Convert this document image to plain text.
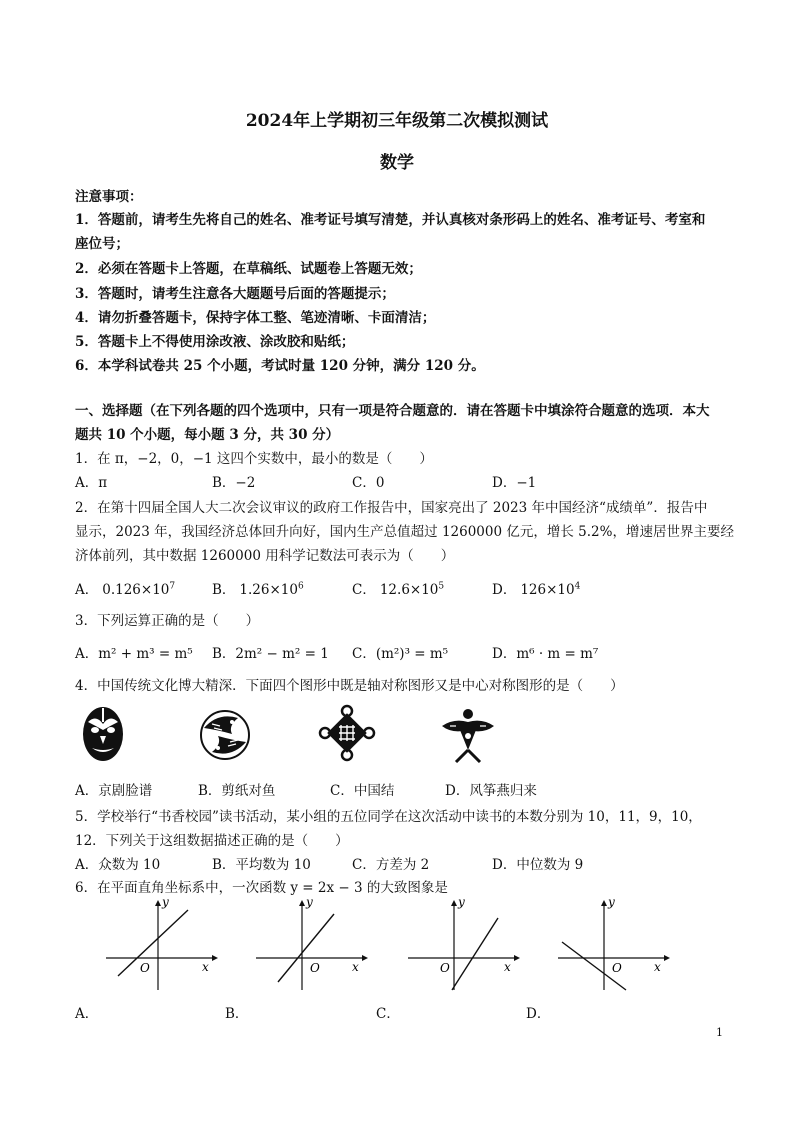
2024年上学期初三年级第二次模拟测试
数学
注意事项：
1．答题前，请考生先将自己的姓名、准考证号填写清楚，并认真核对条形码上的姓名、准考证号、考室和
座位号；
2．必须在答题卡上答题，在草稿纸、试题卷上答题无效；
3．答题时，请考生注意各大题题号后面的答题提示；
4．请勿折叠答题卡，保持字体工整、笔迹清晰、卡面清洁；
5．答题卡上不得使用涂改液、涂改胶和贴纸；
6．本学科试卷共 25 个小题，考试时量 120 分钟，满分 120 分。
一、选择题（在下列各题的四个选项中，只有一项是符合题意的．请在答题卡中填涂符合题意的选项．本大
题共 10 个小题，每小题 3 分，共 30 分）
1．在 π，−2，0，−1 这四个实数中，最小的数是（　　）
A．π	B．−2	C．0	D．−1
2．在第十四届全国人大二次会议审议的政府工作报告中，国家亮出了 2023 年中国经济“成绩单”．报告中
显示，2023 年，我国经济总体回升向好，国内生产总值超过 1260000 亿元，增长 5.2%，增速居世界主要经
济体前列，其中数据 1260000 用科学记数法可表示为（　　）
A． $0.126\times 10^7$	B． $1.26\times 10^6$	C． $12.6\times 10^5$	D． $126\times 10^4$
3．下列运算正确的是（　　）
A．m² + m³ = m⁵ B．2m² − m² = 1 C．(m²)³ = m⁵	D．m⁶ · m = m⁷
4．中国传统文化博大精深．下面四个图形中既是轴对称图形又是中心对称图形的是（　　）
A．京剧脸谱	B．剪纸对鱼	C．中国结	D．风筝燕归来
5．学校举行“书香校园”读书活动，某小组的五位同学在这次活动中读书的本数分别为 10，11，9，10，
12．下列关于这组数据描述正确的是（　　）
A．众数为 10	B．平均数为 10	C．方差为 2	D．中位数为 9
6．在平面直角坐标系中，一次函数 y = 2x − 3 的大致图象是
y
x
O
y
x
O
y
x
O
y
x
O
A．	B．	C．	D．
1
